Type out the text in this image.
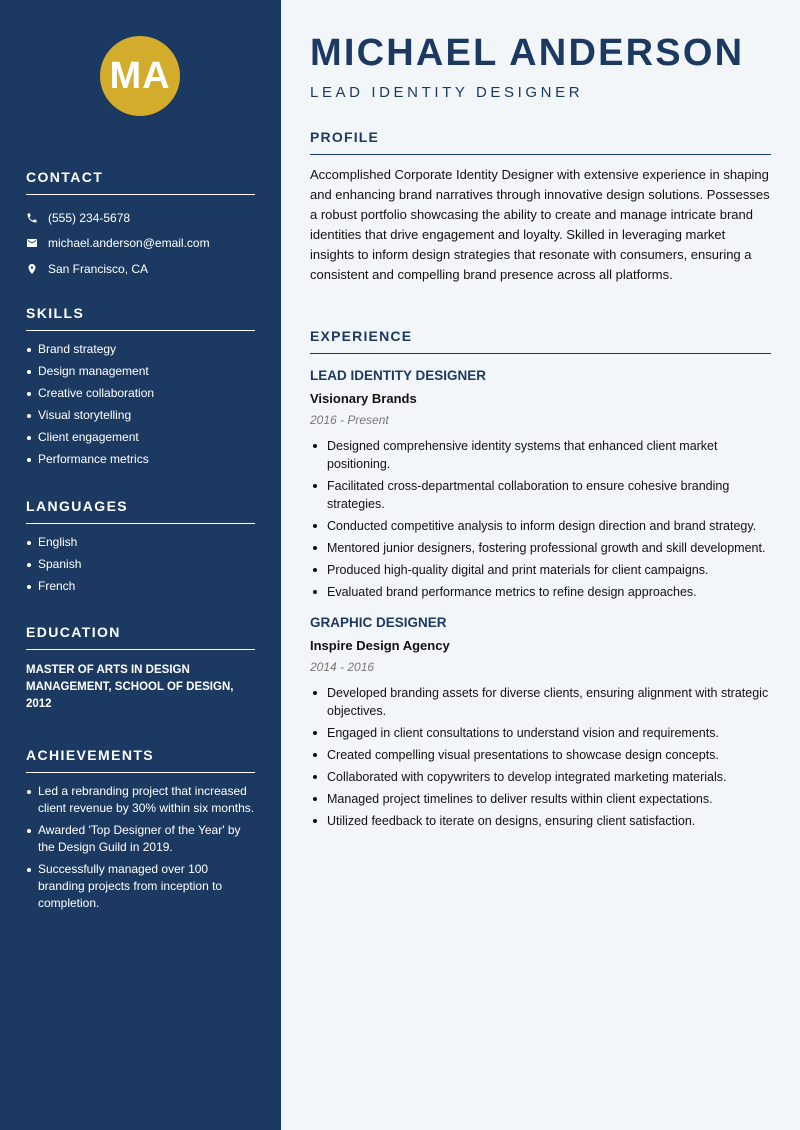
MA
CONTACT
(555) 234-5678
michael.anderson@email.com
San Francisco, CA
SKILLS
Brand strategy
Design management
Creative collaboration
Visual storytelling
Client engagement
Performance metrics
LANGUAGES
English
Spanish
French
EDUCATION

MASTER OF ARTS IN DESIGN MANAGEMENT, SCHOOL OF DESIGN, 2012

ACHIEVEMENTS
Led a rebranding project that increased client revenue by 30% within six months.
Awarded 'Top Designer of the Year' by the Design Guild in 2019.
Successfully managed over 100 branding projects from inception to completion.
MICHAEL ANDERSON
LEAD IDENTITY DESIGNER
PROFILE

Accomplished Corporate Identity Designer with extensive experience in shaping and enhancing brand narratives through innovative design solutions. Possesses a robust portfolio showcasing the ability to create and manage intricate brand identities that drive engagement and loyalty. Skilled in leveraging market insights to inform design strategies that resonate with consumers, ensuring a consistent and compelling brand presence across all platforms.

EXPERIENCE
LEAD IDENTITY DESIGNER
Visionary Brands
2016 - Present
Designed comprehensive identity systems that enhanced client market positioning.
Facilitated cross-departmental collaboration to ensure cohesive branding strategies.
Conducted competitive analysis to inform design direction and brand strategy.
Mentored junior designers, fostering professional growth and skill development.
Produced high-quality digital and print materials for client campaigns.
Evaluated brand performance metrics to refine design approaches.
GRAPHIC DESIGNER
Inspire Design Agency
2014 - 2016
Developed branding assets for diverse clients, ensuring alignment with strategic objectives.
Engaged in client consultations to understand vision and requirements.
Created compelling visual presentations to showcase design concepts.
Collaborated with copywriters to develop integrated marketing materials.
Managed project timelines to deliver results within client expectations.
Utilized feedback to iterate on designs, ensuring client satisfaction.
